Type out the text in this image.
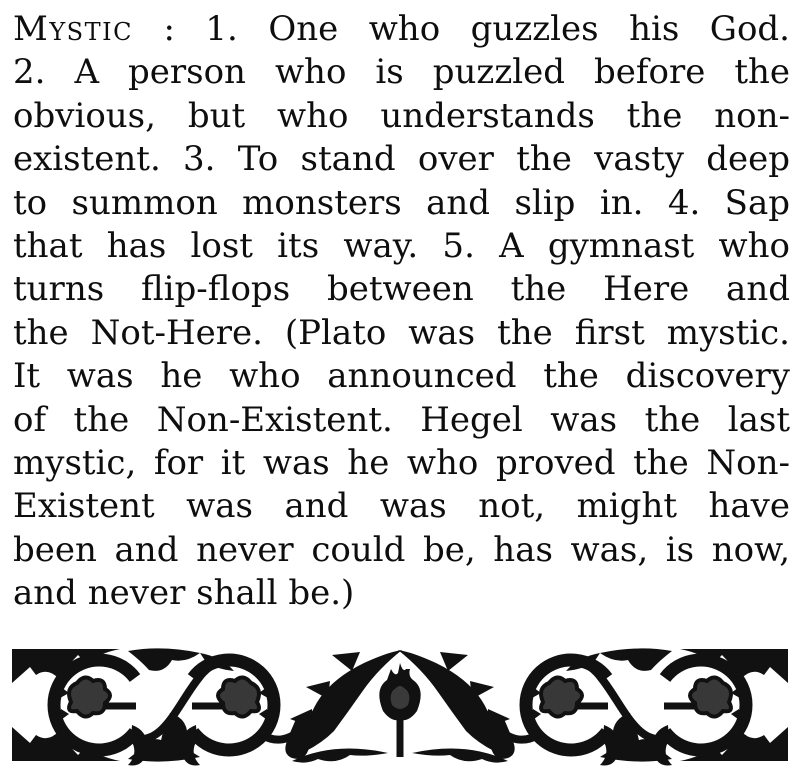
Mystic : 1. One who guzzles his God.
2. A person who is puzzled before the
obvious, but who understands the non-
existent. 3. To stand over the vasty deep
to summon monsters and slip in. 4. Sap
that has lost its way. 5. A gymnast who
turns flip-flops between the Here and
the Not-Here. (Plato was the first mystic.
It was he who announced the discovery
of the Non-Existent. Hegel was the last
mystic, for it was he who proved the Non-
Existent was and was not, might have
been and never could be, has was, is now,
and never shall be.)
